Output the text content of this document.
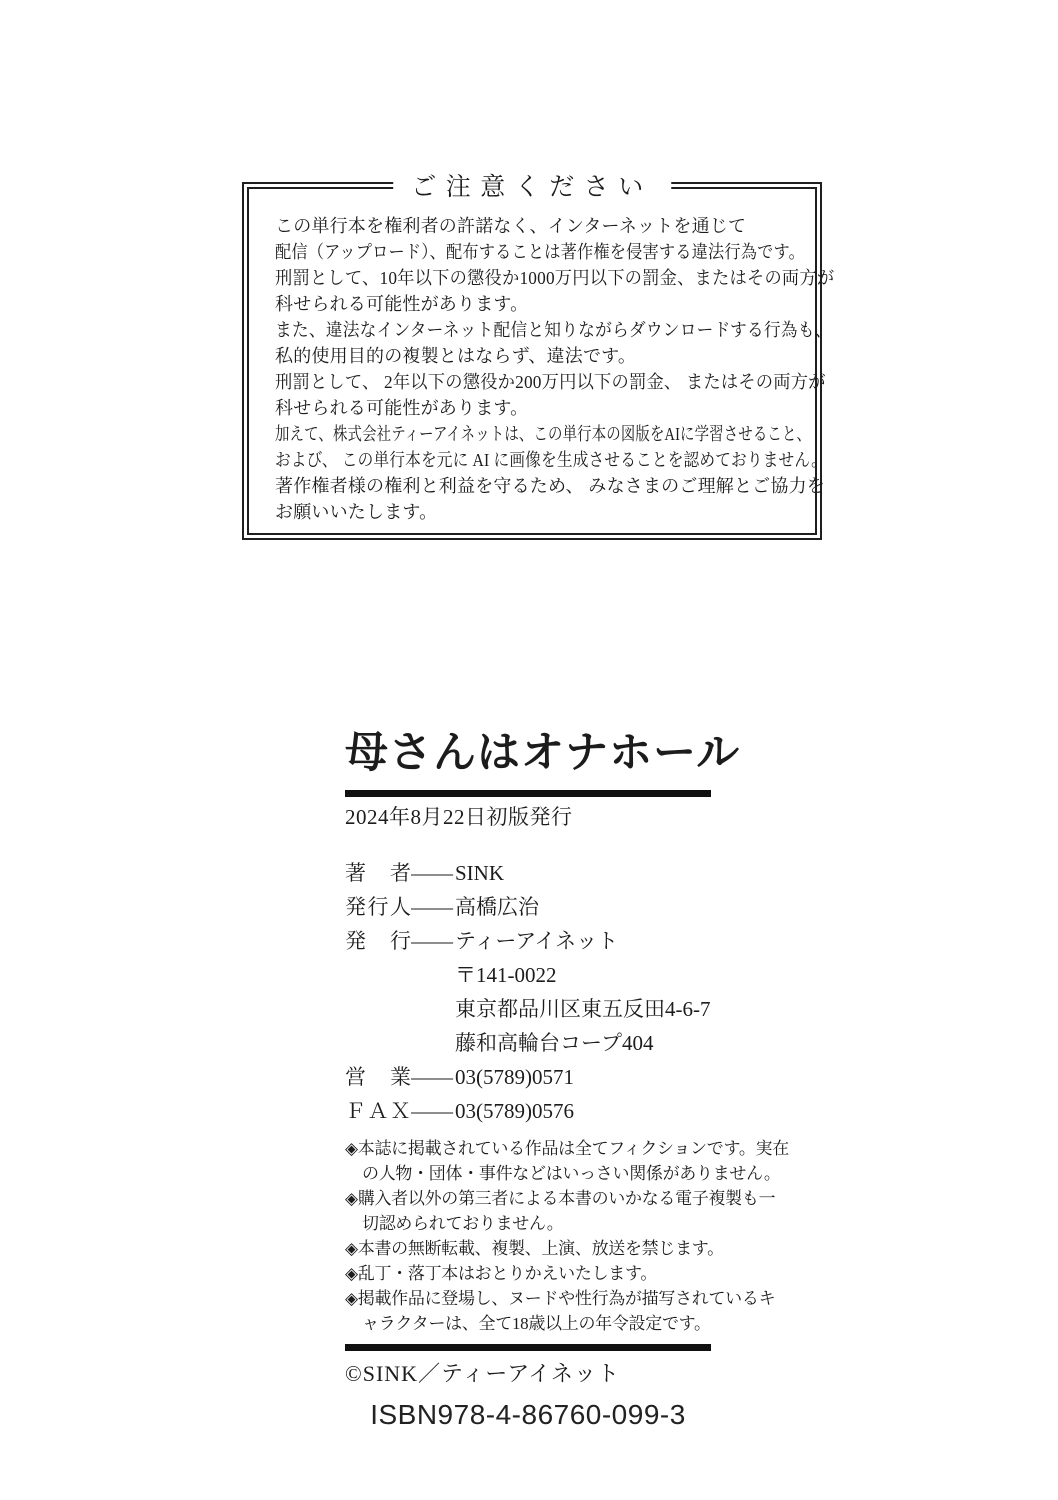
ご注意ください
この単行本を権利者の許諾なく、インターネットを通じて
配信（アップロード）、配布することは著作権を侵害する違法行為です。
刑罰として、10年以下の懲役か1000万円以下の罰金、またはその両方が
科せられる可能性があります。
また、違法なインターネット配信と知りながらダウンロードする行為も、
私的使用目的の複製とはならず、違法です。
刑罰として、 2年以下の懲役か200万円以下の罰金、 またはその両方が
科せられる可能性があります。
加えて、株式会社ティーアイネットは、この単行本の図版をAIに学習させること、
および、 この単行本を元に AI に画像を生成させることを認めておりません。
著作権者様の権利と利益を守るため、 みなさまのご理解とご協力を
お願いいたします。
母さんはオナホール
2024年8月22日初版発行
著　者——SINK
発行人——高橋広治
発　行——ティーアイネット
〒141-0022
東京都品川区東五反田4-6-7
藤和高輪台コープ404
営　業——03(5789)0571
ＦＡＸ——03(5789)0576
◈本誌に掲載されている作品は全てフィクションです。実在の人物・団体・事件などはいっさい関係がありません。
◈購入者以外の第三者による本書のいかなる電子複製も一切認められておりません。
◈本書の無断転載、複製、上演、放送を禁じます。
◈乱丁・落丁本はおとりかえいたします。
◈掲載作品に登場し、ヌードや性行為が描写されているキャラクターは、全て18歳以上の年令設定です。
©SINK／ティーアイネット
ISBN978-4-86760-099-3
